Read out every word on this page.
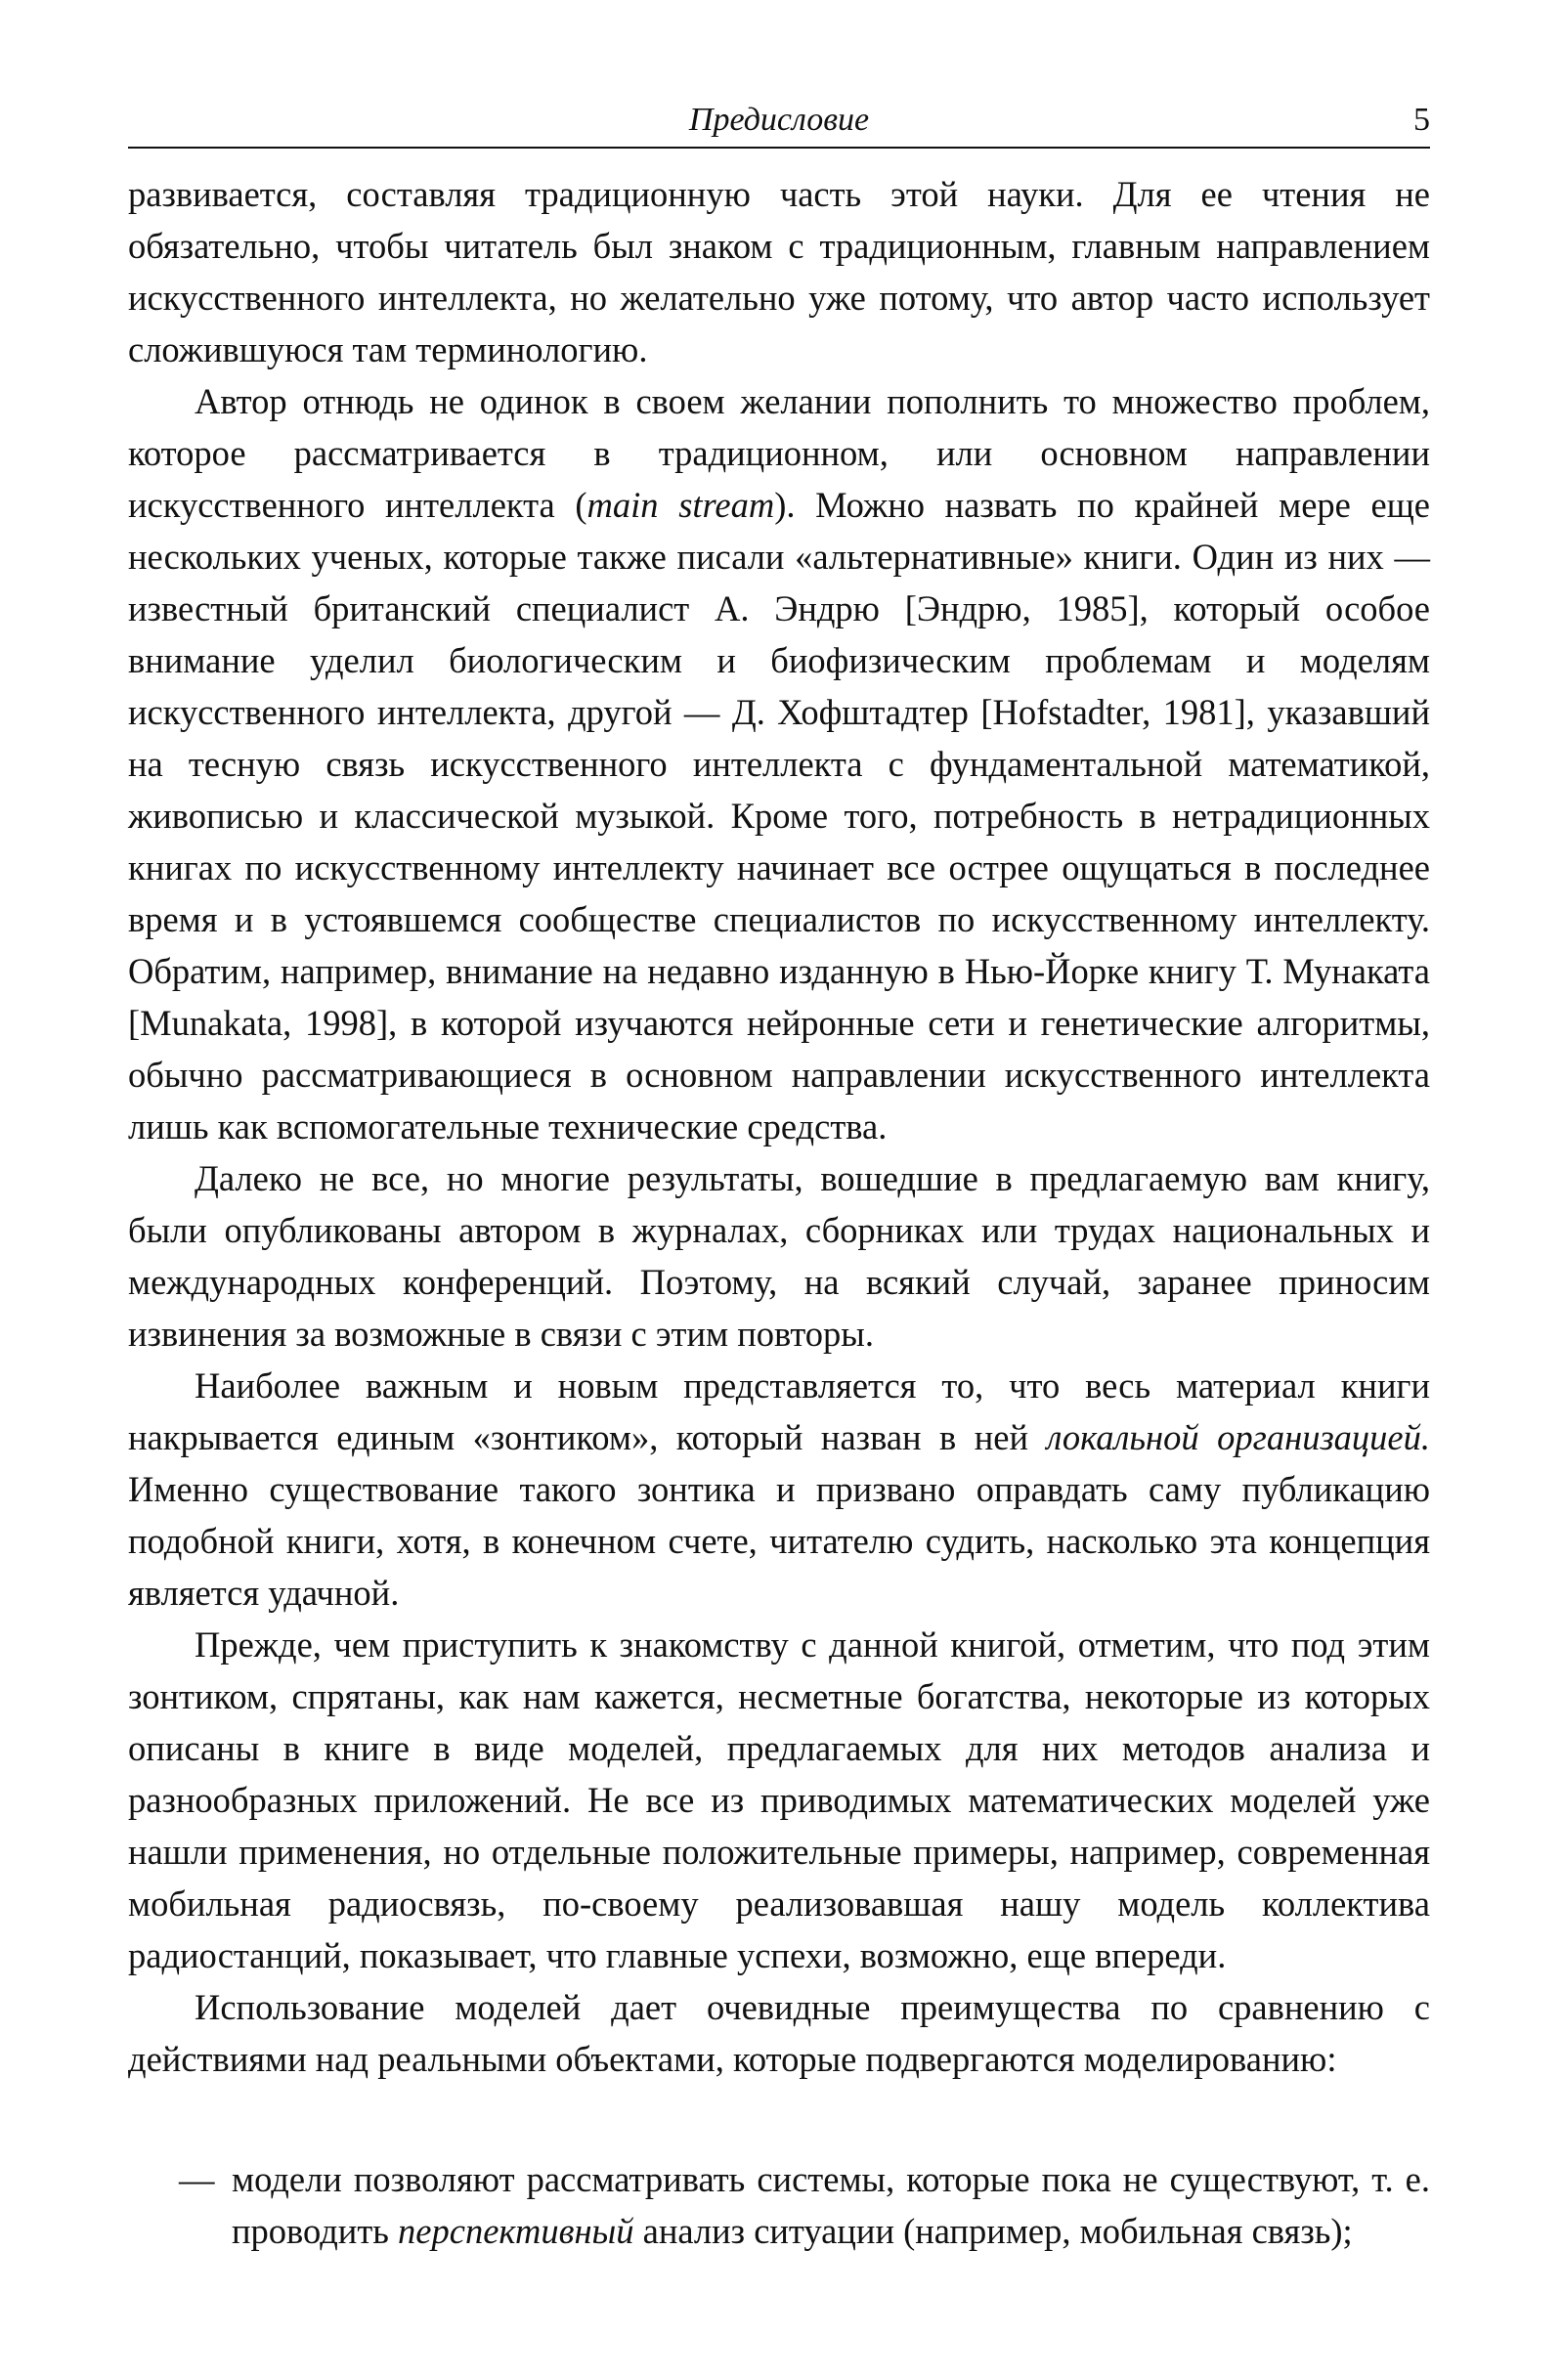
Предисловие	5

развивается, составляя традиционную часть этой науки. Для ее чтения не обязательно, чтобы читатель был знаком с традиционным, главным направлением искусственного интеллекта, но желательно уже потому, что автор часто использует сложившуюся там терминологию.

Автор отнюдь не одинок в своем желании пополнить то множество проблем, которое рассматривается в традиционном, или основном направлении искусственного интеллекта (main stream). Можно назвать по крайней мере еще нескольких ученых, которые также писали «альтернативные» книги. Один из них — известный британский специалист А. Эндрю [Эндрю, 1985], который особое внимание уделил биологическим и биофизическим проблемам и моделям искусственного интеллекта, другой — Д. Хофштадтер [Hofstadter, 1981], указавший на тесную связь искусственного интеллекта с фундаментальной математикой, живописью и классической музыкой. Кроме того, потребность в нетрадиционных книгах по искусственному интеллекту начинает все острее ощущаться в последнее время и в устоявшемся сообществе специалистов по искусственному интеллекту. Обратим, например, внимание на недавно изданную в Нью-Йорке книгу Т. Мунаката [Munakata, 1998], в которой изучаются нейронные сети и генетические алгоритмы, обычно рассматривающиеся в основном направлении искусственного интеллекта лишь как вспомогательные технические средства.

Далеко не все, но многие результаты, вошедшие в предлагаемую вам книгу, были опубликованы автором в журналах, сборниках или трудах национальных и международных конференций. Поэтому, на всякий случай, заранее приносим извинения за возможные в связи с этим повторы.

Наиболее важным и новым представляется то, что весь материал книги накрывается единым «зонтиком», который назван в ней локальной организацией. Именно существование такого зонтика и призвано оправдать саму публикацию подобной книги, хотя, в конечном счете, читателю судить, насколько эта концепция является удачной.

Прежде, чем приступить к знакомству с данной книгой, отметим, что под этим зонтиком, спрятаны, как нам кажется, несметные богатства, некоторые из которых описаны в книге в виде моделей, предлагаемых для них методов анализа и разнообразных приложений. Не все из приводимых математических моделей уже нашли применения, но отдельные положительные примеры, например, современная мобильная радиосвязь, по-своему реализовавшая нашу модель коллектива радиостанций, показывает, что главные успехи, возможно, еще впереди.

Использование моделей дает очевидные преимущества по сравнению с действиями над реальными объектами, которые подвергаются моделированию:

— модели позволяют рассматривать системы, которые пока не существуют, т. е. проводить перспективный анализ ситуации (например, мобильная связь);
